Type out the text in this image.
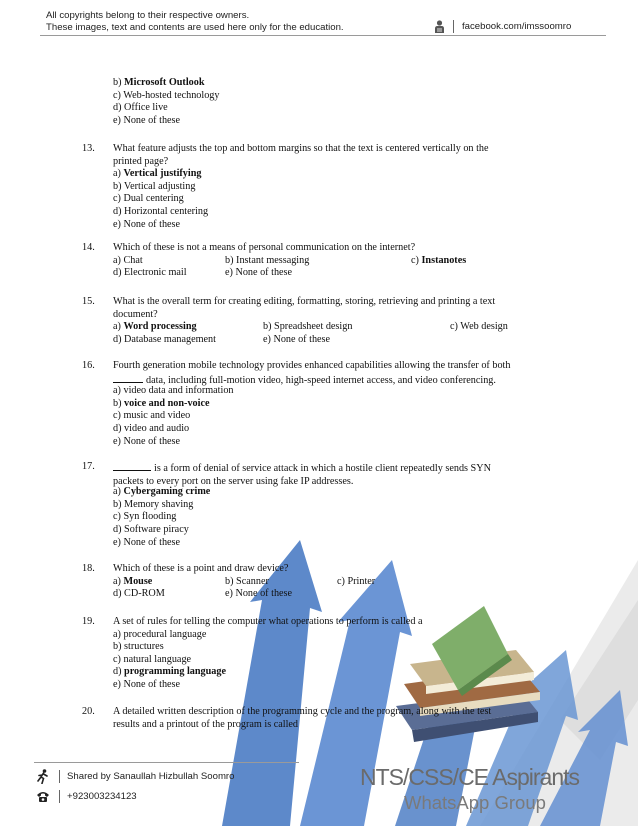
All copyrights belong to their respective owners.
These images, text and contents are used here only for the education.	facebook.com/imssoomro
b) Microsoft Outlook
c) Web-hosted technology
d) Office live
e) None of these
13.	What feature adjusts the top and bottom margins so that the text is centered vertically on the
printed page?
a) Vertical justifying
b) Vertical adjusting
c) Dual centering
d) Horizontal centering
e) None of these
14.	Which of these is not a means of personal communication on the internet?
a) Chat	b) Instant messaging	c) Instanotes
d) Electronic mail	e) None of these
15.	What is the overall term for creating editing, formatting, storing, retrieving and printing a text
document?
a) Word processing	b) Spreadsheet design	c) Web design
d) Database management	e) None of these
16.	Fourth generation mobile technology provides enhanced capabilities allowing the transfer of both
data, including full-motion video, high-speed internet access, and video conferencing.
a) video data and information
b) voice and non-voice
c) music and video
d) video and audio
e) None of these
17.	is a form of denial of service attack in which a hostile client repeatedly sends SYN
packets to every port on the server using fake IP addresses.
a) Cybergaming crime
b) Memory shaving
c) Syn flooding
d) Software piracy
e) None of these
18.	Which of these is a point and draw device?
a) Mouse	b) Scanner	c) Printer
d) CD-ROM	e) None of these
19.	A set of rules for telling the computer what operations to perform is called a
a) procedural language
b) structures
c) natural language
d) programming language
e) None of these
20.	A detailed written description of the programming cycle and the program, along with the test
results and a printout of the program is called
Shared by Sanaullah Hizbullah Soomro
+923003234123
NTS/CSS/CE Aspirants
WhatsApp Group
